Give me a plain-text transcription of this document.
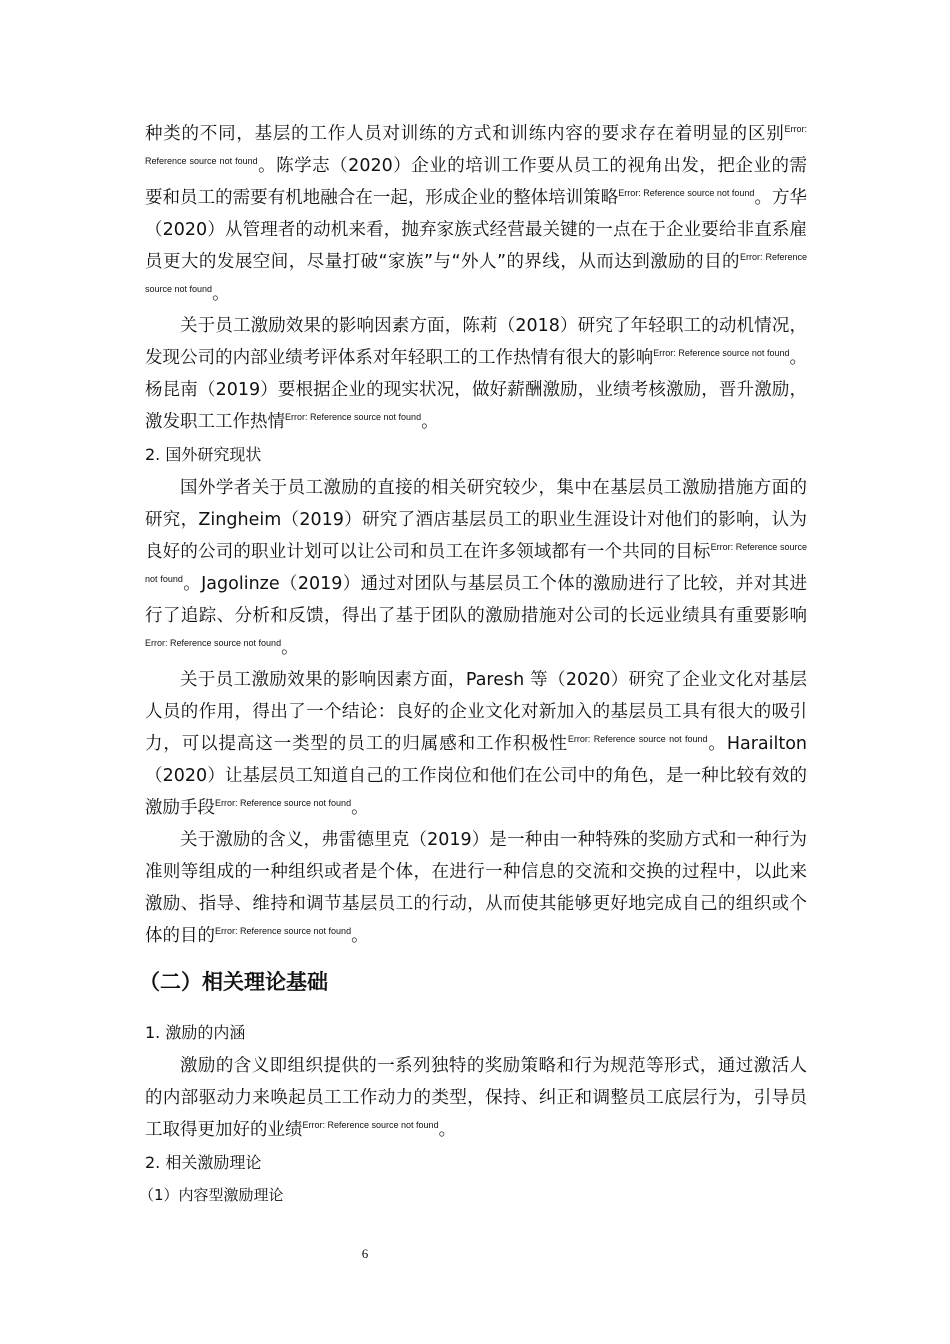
种类的不同，基层的工作人员对训练的方式和训练内容的要求存在着明显的区别$^{Error: Reference source not found}$。陈学志（2020）企业的培训工作要从员工的视角出发，把企业的需要和员工的需要有机地融合在一起，形成企业的整体培训策略$^{Error: Reference source not found}$。方华（2020）从管理者的动机来看，抛弃家族式经营最关键的一点在于企业要给非直系雇员更大的发展空间，尽量打破“家族”与“外人”的界线，从而达到激励的目的$^{Error: Reference source not found}$。

关于员工激励效果的影响因素方面，陈莉（2018）研究了年轻职工的动机情况，发现公司的内部业绩考评体系对年轻职工的工作热情有很大的影响$^{Error: Reference source not found}$。杨昆南（2019）要根据企业的现实状况，做好薪酬激励，业绩考核激励，晋升激励，激发职工工作热情$^{Error: Reference source not found}$。

2. 国外研究现状

国外学者关于员工激励的直接的相关研究较少，集中在基层员工激励措施方面的研究，Zingheim（2019）研究了酒店基层员工的职业生涯设计对他们的影响，认为良好的公司的职业计划可以让公司和员工在许多领域都有一个共同的目标$^{Error: Reference source not found}$。Jagolinze（2019）通过对团队与基层员工个体的激励进行了比较，并对其进行了追踪、分析和反馈，得出了基于团队的激励措施对公司的长远业绩具有重要影响$^{Error: Reference source not found}$。

关于员工激励效果的影响因素方面，Paresh 等（2020）研究了企业文化对基层人员的作用，得出了一个结论：良好的企业文化对新加入的基层员工具有很大的吸引力，可以提高这一类型的员工的归属感和工作积极性$^{Error: Reference source not found}$。Harailton（2020）让基层员工知道自己的工作岗位和他们在公司中的角色，是一种比较有效的激励手段$^{Error: Reference source not found}$。

关于激励的含义，弗雷德里克（2019）是一种由一种特殊的奖励方式和一种行为准则等组成的一种组织或者是个体，在进行一种信息的交流和交换的过程中，以此来激励、指导、维持和调节基层员工的行动，从而使其能够更好地完成自己的组织或个体的目的$^{Error: Reference source not found}$。

（二）相关理论基础
1. 激励的内涵

激励的含义即组织提供的一系列独特的奖励策略和行为规范等形式，通过激活人的内部驱动力来唤起员工工作动力的类型，保持、纠正和调整员工底层行为，引导员工取得更加好的业绩$^{Error: Reference source not found}$。

2. 相关激励理论
（1）内容型激励理论
6
